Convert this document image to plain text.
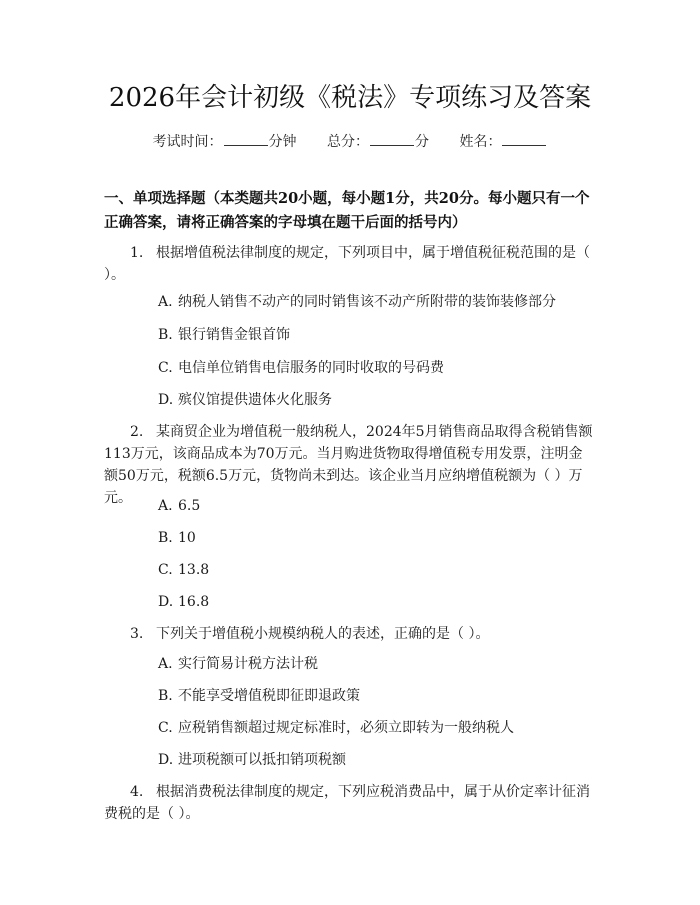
2026年会计初级《税法》专项练习及答案
考试时间：	分钟 总分：	分 姓名：
一、单项选择题（本类题共20小题，每小题1分，共20分。每小题只有一个正确答案，请将正确答案的字母填在题干后面的括号内）
1. 根据增值税法律制度的规定，下列项目中，属于增值税征税范围的是（ ）。
A. 纳税人销售不动产的同时销售该不动产所附带的装饰装修部分
B. 银行销售金银首饰
C. 电信单位销售电信服务的同时收取的号码费
D. 殡仪馆提供遗体火化服务
2. 某商贸企业为增值税一般纳税人，2024年5月销售商品取得含税销售额113万元，该商品成本为70万元。当月购进货物取得增值税专用发票，注明金额50万元，税额6.5万元，货物尚未到达。该企业当月应纳增值税额为（ ）万元。	A. 6.5
B. 10
C. 13.8
D. 16.8
3. 下列关于增值税小规模纳税人的表述，正确的是（ ）。
A. 实行简易计税方法计税
B. 不能享受增值税即征即退政策
C. 应税销售额超过规定标准时，必须立即转为一般纳税人
D. 进项税额可以抵扣销项税额
4. 根据消费税法律制度的规定，下列应税消费品中，属于从价定率计征消费税的是（ ）。
